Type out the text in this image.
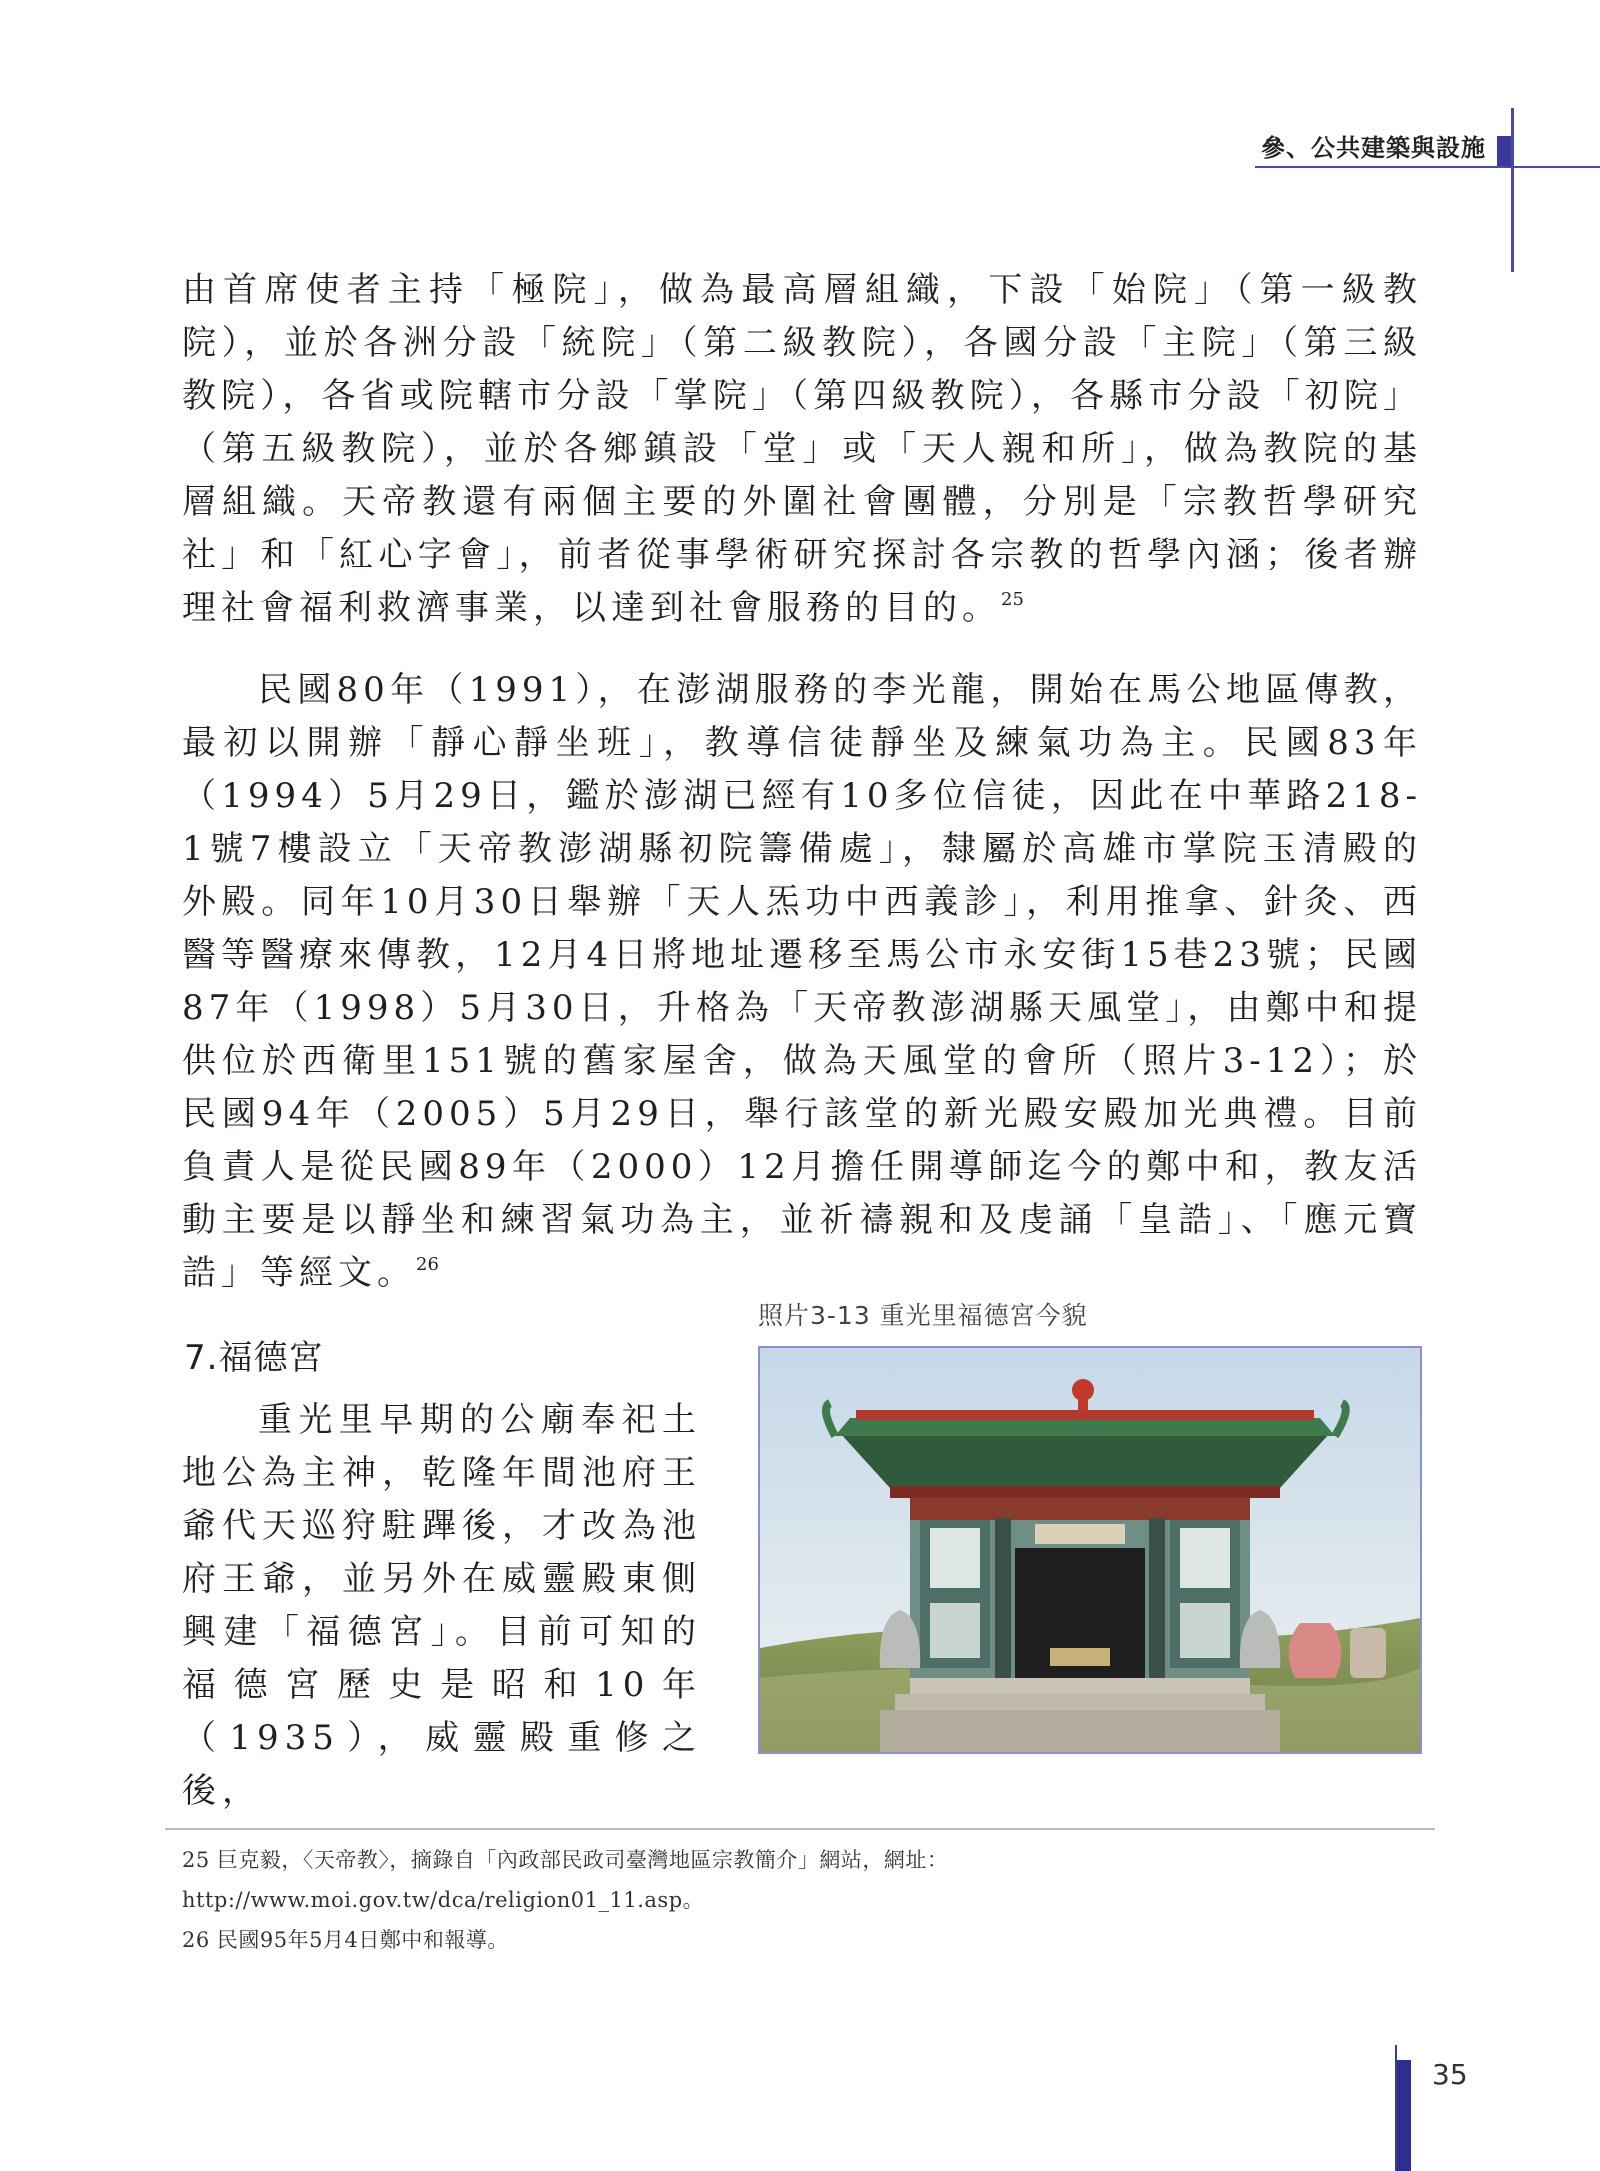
參、公共建築與設施

由首席使者主持「極院」，做為最高層組織，下設「始院」（第一級教院），並於各洲分設「統院」（第二級教院），各國分設「主院」（第三級教院），各省或院轄市分設「掌院」（第四級教院），各縣市分設「初院」（第五級教院），並於各鄉鎮設「堂」或「天人親和所」，做為教院的基層組織。天帝教還有兩個主要的外圍社會團體，分別是「宗教哲學研究社」和「紅心字會」，前者從事學術研究探討各宗教的哲學內涵；後者辦理社會福利救濟事業，以達到社會服務的目的。$^{25}$

民國80年（1991），在澎湖服務的李光龍，開始在馬公地區傳教，最初以開辦「靜心靜坐班」，教導信徒靜坐及練氣功為主。民國83年（1994）5月29日，鑑於澎湖已經有10多位信徒，因此在中華路218-1號7樓設立「天帝教澎湖縣初院籌備處」，隸屬於高雄市掌院玉清殿的外殿。同年10月30日舉辦「天人炁功中西義診」，利用推拿、針灸、西醫等醫療來傳教，12月4日將地址遷移至馬公市永安街15巷23號；民國87年（1998）5月30日，升格為「天帝教澎湖縣天風堂」，由鄭中和提供位於西衛里151號的舊家屋舍，做為天風堂的會所（照片3-12）；於民國94年（2005）5月29日，舉行該堂的新光殿安殿加光典禮。目前負責人是從民國89年（2000）12月擔任開導師迄今的鄭中和，教友活動主要是以靜坐和練習氣功為主，並祈禱親和及虔誦「皇誥」、「應元寶誥」等經文。$^{26}$

7.福德宮

重光里早期的公廟奉祀土地公為主神，乾隆年間池府王爺代天巡狩駐蹕後，才改為池府王爺，並另外在威靈殿東側興建「福德宮」。目前可知的福德宮歷史是昭和10年（1935），威靈殿重修之後，

照片3-13 重光里福德宮今貌

25 巨克毅，〈天帝教〉，摘錄自「內政部民政司臺灣地區宗教簡介」網站，網址：http://www.moi.gov.tw/dca/religion01_11.asp。

26 民國95年5月4日鄭中和報導。

35
